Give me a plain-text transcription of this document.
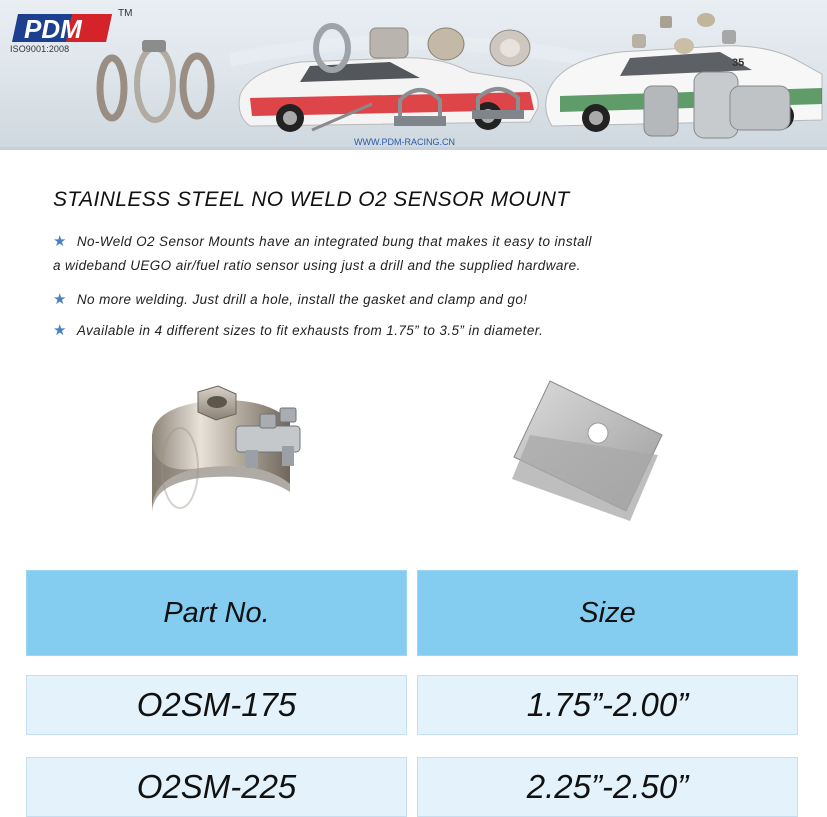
35
PDM
TM
ISO9001:2008
WWW.PDM-RACING.CN
STAINLESS STEEL NO WELD O2 SENSOR MOUNT
★ No-Weld O2 Sensor Mounts have an integrated bung that makes it easy to install
a wideband UEGO air/fuel ratio sensor using just a drill and the supplied hardware.
★ No more welding. Just drill a hole, install the gasket and clamp and go!
★ Available in 4 different sizes to fit exhausts from 1.75” to 3.5” in diameter.
Part No.	Size
O2SM-175	1.75”-2.00”
O2SM-225	2.25”-2.50”
